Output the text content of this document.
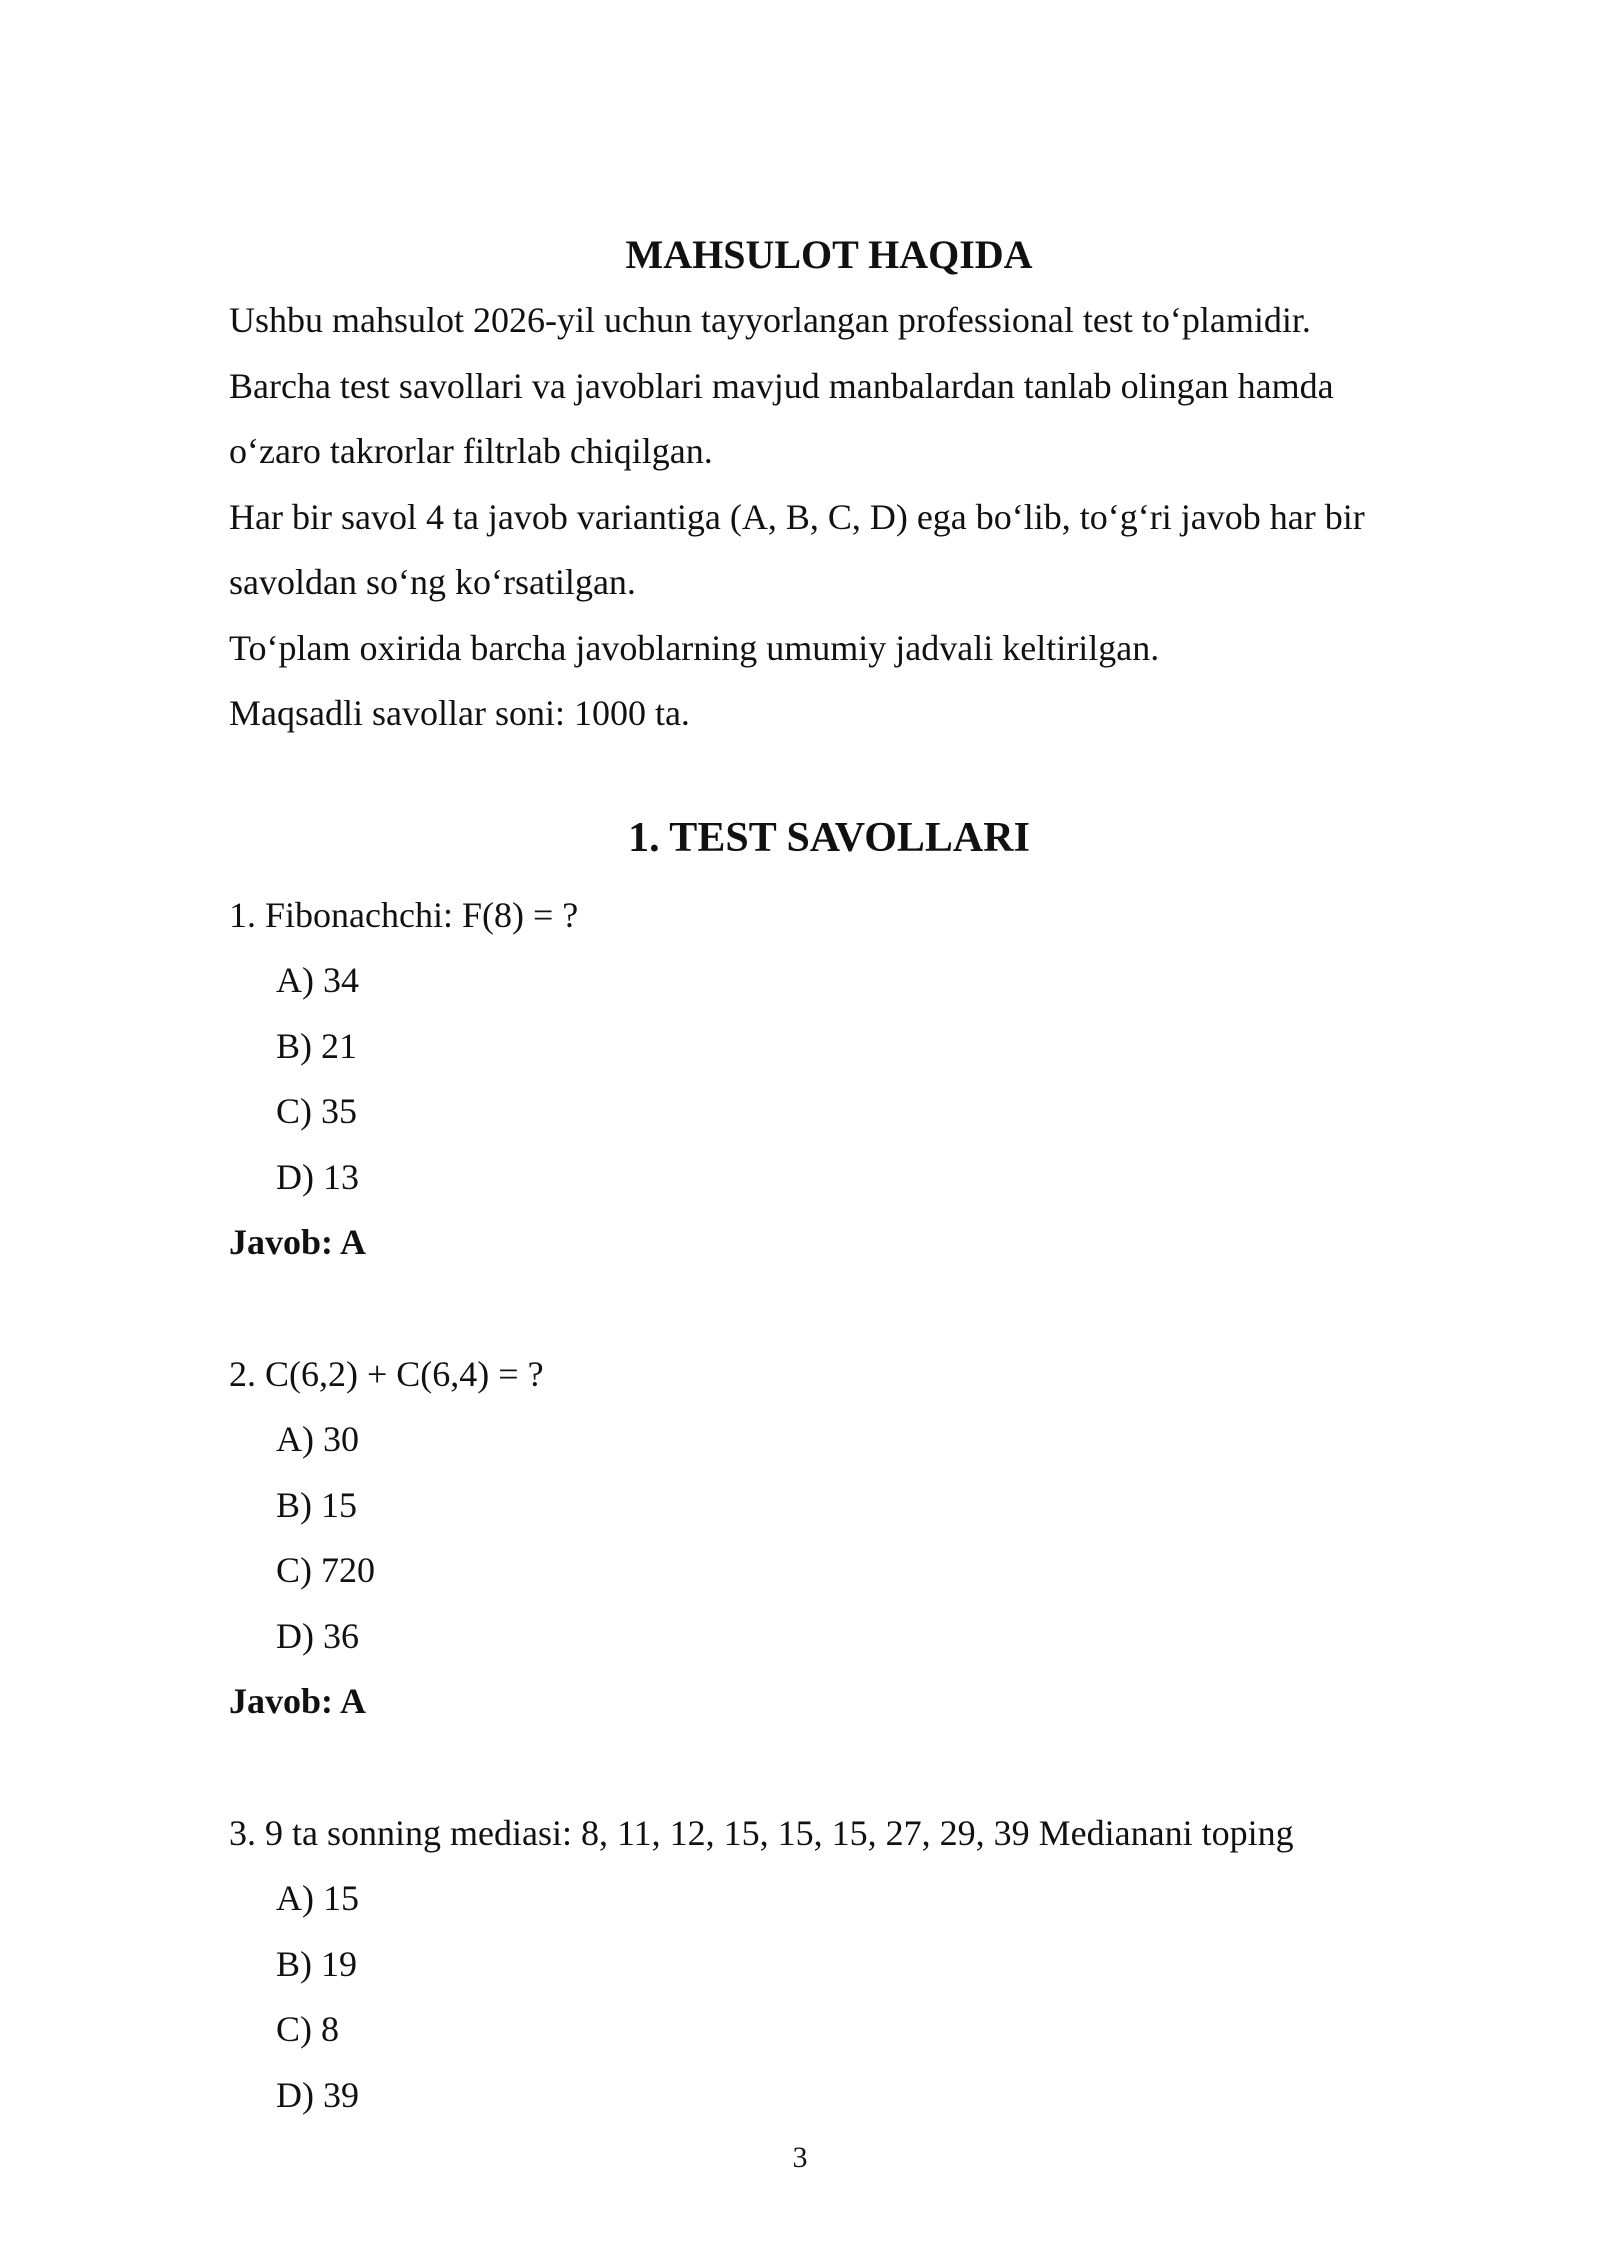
MAHSULOT HAQIDA

Ushbu mahsulot 2026-yil uchun tayyorlangan professional test to‘plamidir.

Barcha test savollari va javoblari mavjud manbalardan tanlab olingan hamda

o‘zaro takrorlar filtrlab chiqilgan.

Har bir savol 4 ta javob variantiga (A, B, C, D) ega bo‘lib, to‘g‘ri javob har bir

savoldan so‘ng ko‘rsatilgan.

To‘plam oxirida barcha javoblarning umumiy jadvali keltirilgan.

Maqsadli savollar soni: 1000 ta.

1. TEST SAVOLLARI
1. Fibonachchi: F(8) = ?
A) 34
B) 21
C) 35
D) 13
Javob: A
2. C(6,2) + C(6,4) = ?
A) 30
B) 15
C) 720
D) 36
Javob: A
3. 9 ta sonning mediasi: 8, 11, 12, 15, 15, 15, 27, 29, 39 Medianani toping
A) 15
B) 19
C) 8
D) 39
3
